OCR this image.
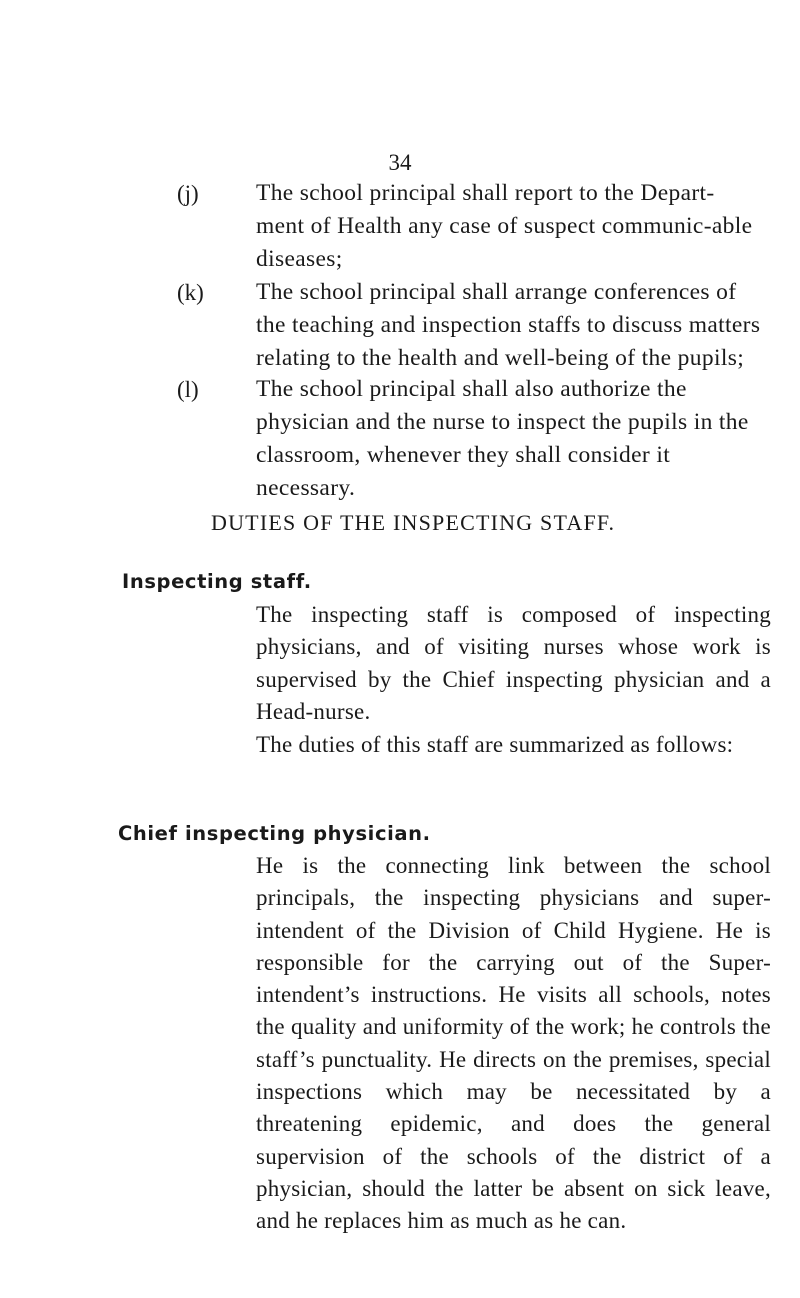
34
(j) The school principal shall report to the Depart-ment of Health any case of suspect communic-able diseases;
(k) The school principal shall arrange conferences of the teaching and inspection staffs to discuss matters relating to the health and well-being of the pupils;
(l) The school principal shall also authorize the physician and the nurse to inspect the pupils in the classroom, whenever they shall consider it necessary.
DUTIES OF THE INSPECTING STAFF.
Inspecting staff.
The inspecting staff is composed of inspecting physicians, and of visiting nurses whose work is supervised by the Chief inspecting physician and a Head-nurse.
The duties of this staff are summarized as follows:
Chief inspecting physician.
He is the connecting link between the school principals, the inspecting physicians and super-intendent of the Division of Child Hygiene. He is responsible for the carrying out of the Super-intendent’s instructions. He visits all schools, notes the quality and uniformity of the work; he controls the staff’s punctuality. He directs on the premises, special inspections which may be necessitated by a threatening epidemic, and does the general supervision of the schools of the district of a physician, should the latter be absent on sick leave, and he replaces him as much as he can.
